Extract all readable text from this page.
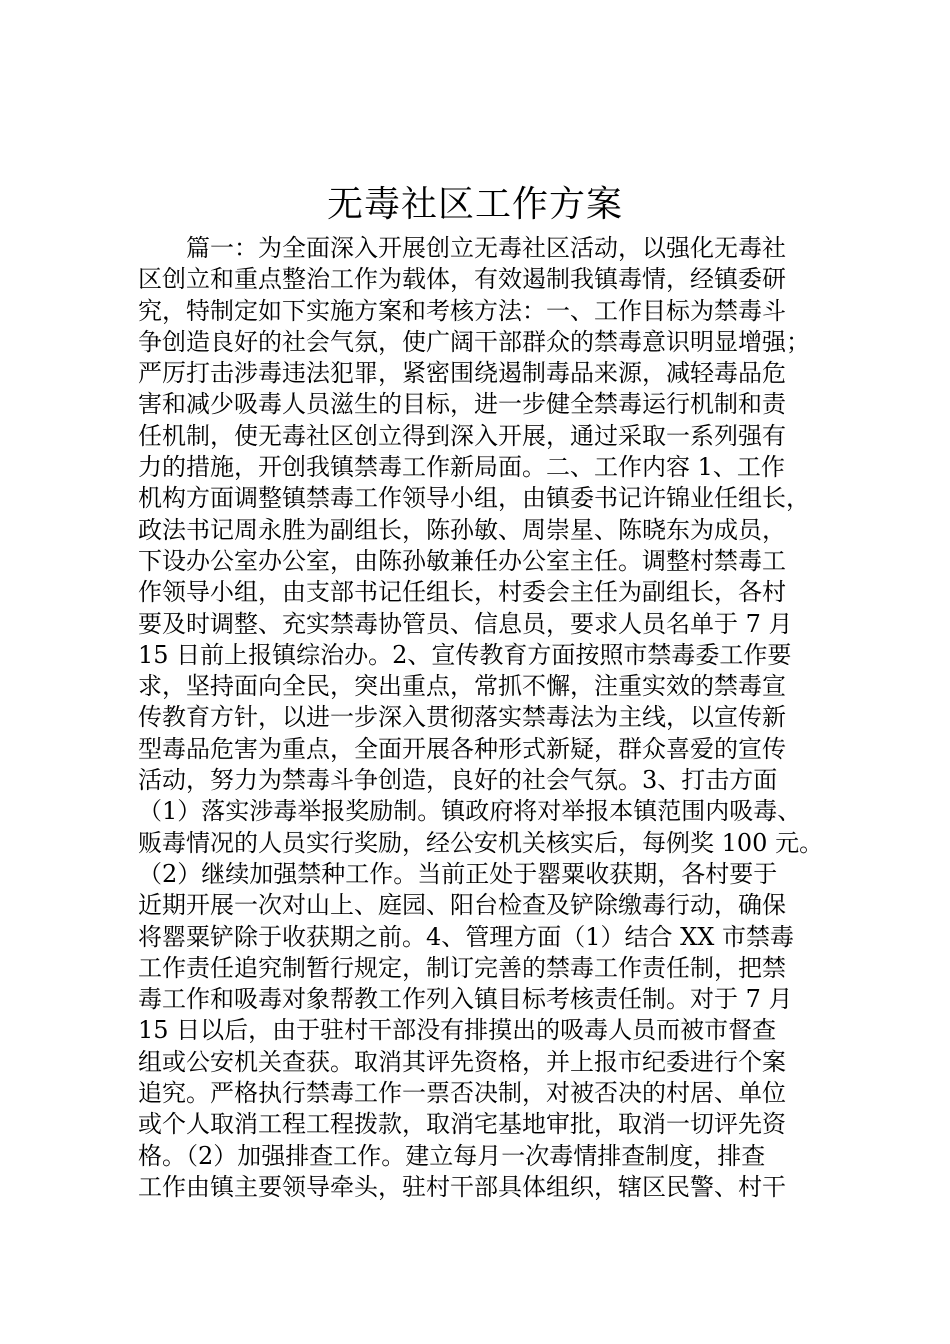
无毒社区工作方案
篇一：为全面深入开展创立无毒社区活动，以强化无毒社
区创立和重点整治工作为载体，有效遏制我镇毒情，经镇委研
究，特制定如下实施方案和考核方法：一、工作目标为禁毒斗
争创造良好的社会气氛，使广阔干部群众的禁毒意识明显增强；
严厉打击涉毒违法犯罪，紧密围绕遏制毒品来源，减轻毒品危
害和减少吸毒人员滋生的目标，进一步健全禁毒运行机制和责
任机制，使无毒社区创立得到深入开展，通过采取一系列强有
力的措施，开创我镇禁毒工作新局面。二、工作内容 1、工作
机构方面调整镇禁毒工作领导小组，由镇委书记许锦业任组长，
政法书记周永胜为副组长，陈孙敏、周崇星、陈晓东为成员，
下设办公室办公室，由陈孙敏兼任办公室主任。调整村禁毒工
作领导小组，由支部书记任组长，村委会主任为副组长，各村
要及时调整、充实禁毒协管员、信息员，要求人员名单于 7 月
15 日前上报镇综治办。2、宣传教育方面按照市禁毒委工作要
求，坚持面向全民，突出重点，常抓不懈，注重实效的禁毒宣
传教育方针，以进一步深入贯彻落实禁毒法为主线，以宣传新
型毒品危害为重点，全面开展各种形式新疑，群众喜爱的宣传
活动，努力为禁毒斗争创造，良好的社会气氛。3、打击方面
（1）落实涉毒举报奖励制。镇政府将对举报本镇范围内吸毒、
贩毒情况的人员实行奖励，经公安机关核实后，每例奖 100 元。
（2）继续加强禁种工作。当前正处于罂粟收获期，各村要于
近期开展一次对山上、庭园、阳台检查及铲除缴毒行动，确保
将罂粟铲除于收获期之前。4、管理方面（1）结合 XX 市禁毒
工作责任追究制暂行规定，制订完善的禁毒工作责任制，把禁
毒工作和吸毒对象帮教工作列入镇目标考核责任制。对于 7 月
15 日以后，由于驻村干部没有排摸出的吸毒人员而被市督查
组或公安机关查获。取消其评先资格，并上报市纪委进行个案
追究。严格执行禁毒工作一票否决制，对被否决的村居、单位
或个人取消工程工程拨款，取消宅基地审批，取消一切评先资
格。（2）加强排查工作。建立每月一次毒情排查制度，排查
工作由镇主要领导牵头，驻村干部具体组织，辖区民警、村干
